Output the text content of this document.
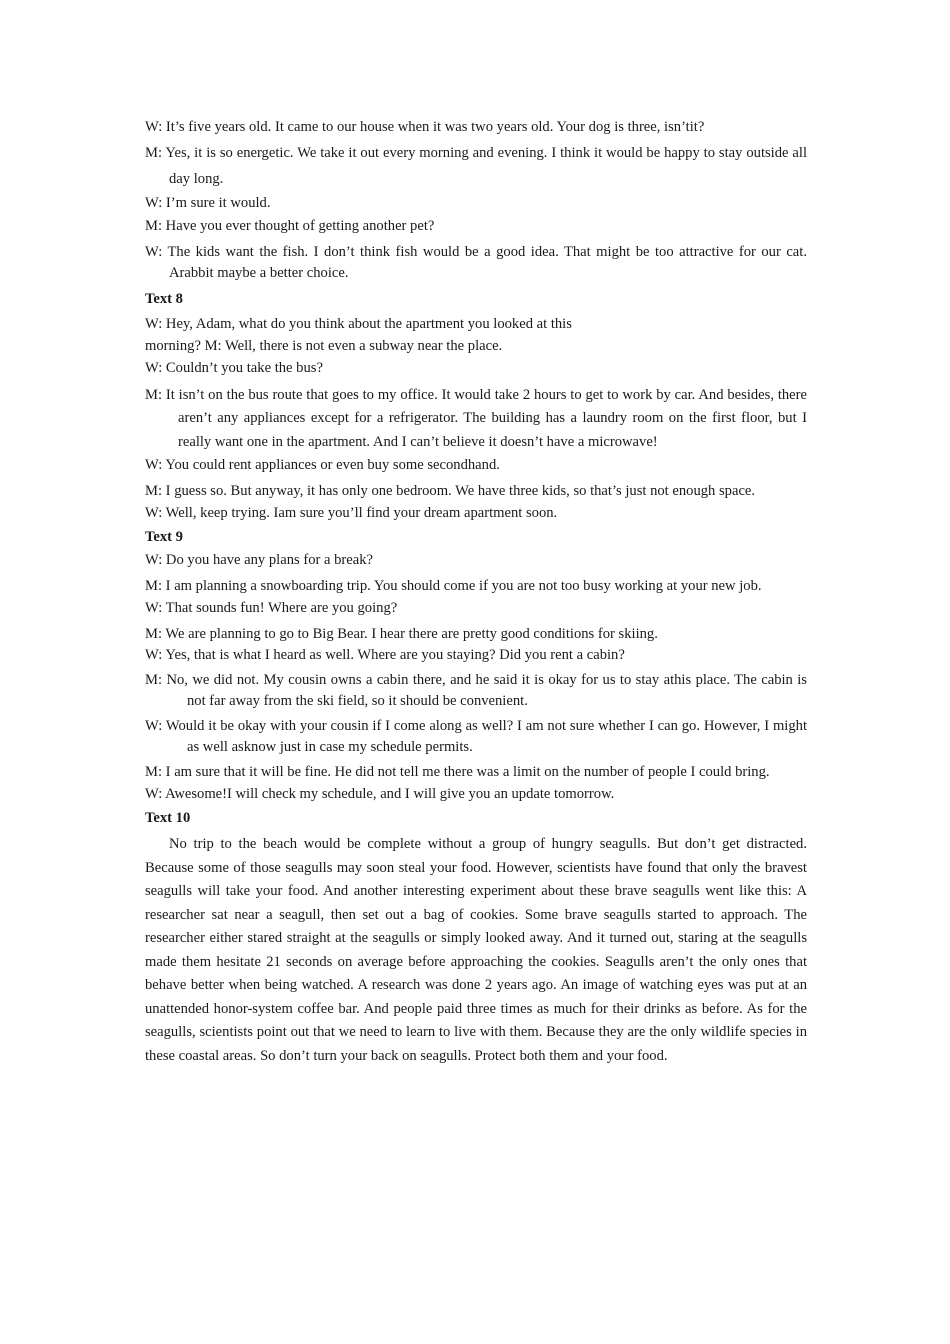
W: It’s five years old. It came to our house when it was two years old. Your dog is three, isn’tit?

M: Yes, it is so energetic. We take it out every morning and evening. I think it would be happy to stay outside all day long.

W: I’m sure it would.

M: Have you ever thought of getting another pet?

W: The kids want the fish. I don’t think fish would be a good idea. That might be too attractive for our cat. Arabbit maybe a better choice.

Text 8

W: Hey, Adam, what do you think about the apartment you looked at this

morning? M: Well, there is not even a subway near the place.

W: Couldn’t you take the bus?

M: It isn’t on the bus route that goes to my office. It would take 2 hours to get to work by car. And besides, there aren’t any appliances except for a refrigerator. The building has a laundry room on the first floor, but I really want one in the apartment. And I can’t believe it doesn’t have a microwave!

W: You could rent appliances or even buy some secondhand.

M: I guess so. But anyway, it has only one bedroom. We have three kids, so that’s just not enough space.

W: Well, keep trying. Iam sure you’ll find your dream apartment soon.

Text 9

W: Do you have any plans for a break?

M: I am planning a snowboarding trip. You should come if you are not too busy working at your new job.

W: That sounds fun! Where are you going?

M: We are planning to go to Big Bear. I hear there are pretty good conditions for skiing.

W: Yes, that is what I heard as well. Where are you staying? Did you rent a cabin?

M: No, we did not. My cousin owns a cabin there, and he said it is okay for us to stay athis place. The cabin is not far away from the ski field, so it should be convenient.

W: Would it be okay with your cousin if I come along as well? I am not sure whether I can go. However, I might as well asknow just in case my schedule permits.

M: I am sure that it will be fine. He did not tell me there was a limit on the number of people I could bring.

W: Awesome!I will check my schedule, and I will give you an update tomorrow.

Text 10

No trip to the beach would be complete without a group of hungry seagulls. But don’t get distracted. Because some of those seagulls may soon steal your food. However, scientists have found that only the bravest seagulls will take your food. And another interesting experiment about these brave seagulls went like this: A researcher sat near a seagull, then set out a bag of cookies. Some brave seagulls started to approach. The researcher either stared straight at the seagulls or simply looked away. And it turned out, staring at the seagulls made them hesitate 21 seconds on average before approaching the cookies. Seagulls aren’t the only ones that behave better when being watched. A research was done 2 years ago. An image of watching eyes was put at an unattended honor-system coffee bar. And people paid three times as much for their drinks as before. As for the seagulls, scientists point out that we need to learn to live with them. Because they are the only wildlife species in these coastal areas. So don’t turn your back on seagulls. Protect both them and your food.
